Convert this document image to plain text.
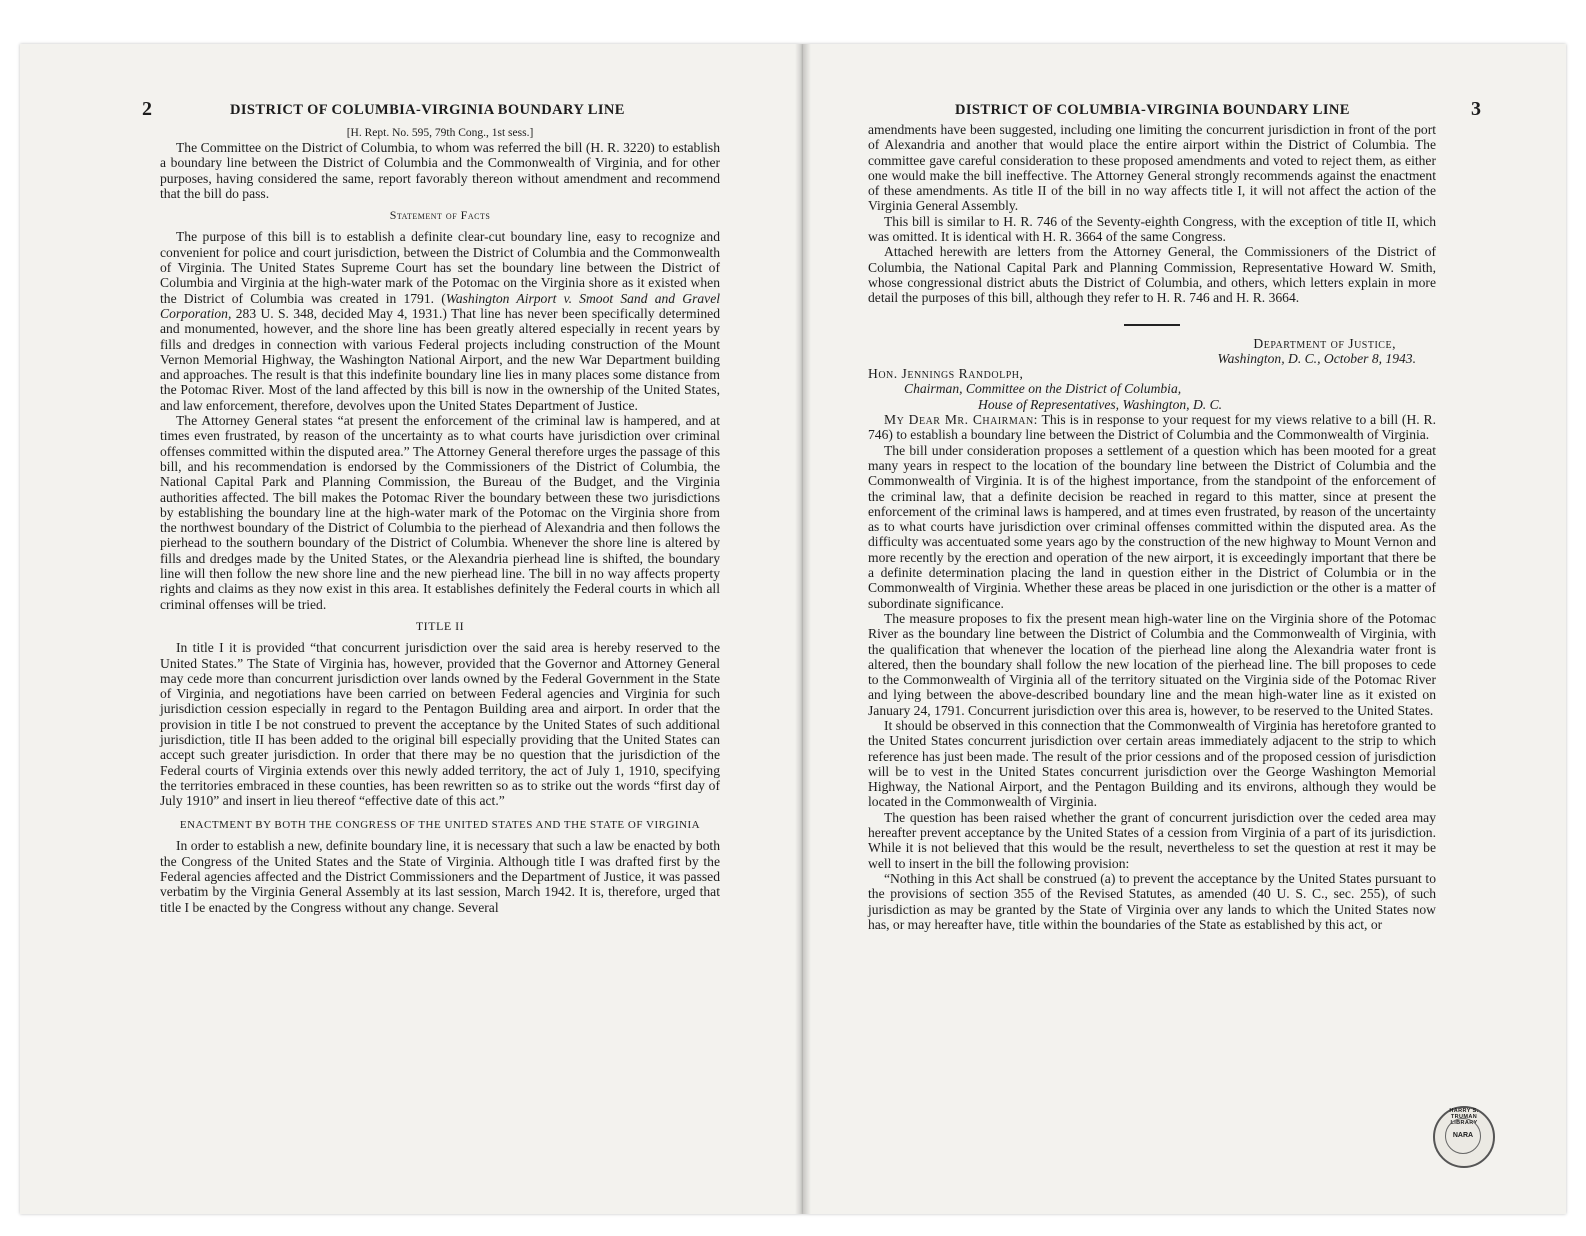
2	DISTRICT OF COLUMBIA-VIRGINIA BOUNDARY LINE

[H. Rept. No. 595, 79th Cong., 1st sess.]

The Committee on the District of Columbia, to whom was referred the bill (H. R. 3220) to establish a boundary line between the District of Columbia and the Commonwealth of Virginia, and for other purposes, having considered the same, report favorably thereon without amendment and recommend that the bill do pass.

Statement of Facts

The purpose of this bill is to establish a definite clear-cut boundary line, easy to recognize and convenient for police and court jurisdiction, between the District of Columbia and the Commonwealth of Virginia. The United States Supreme Court has set the boundary line between the District of Columbia and Virginia at the high-water mark of the Potomac on the Virginia shore as it existed when the District of Columbia was created in 1791. (Washington Airport v. Smoot Sand and Gravel Corporation, 283 U. S. 348, decided May 4, 1931.) That line has never been specifically determined and monumented, however, and the shore line has been greatly altered especially in recent years by fills and dredges in connection with various Federal projects including construction of the Mount Vernon Memorial Highway, the Washington National Airport, and the new War Department building and approaches. The result is that this indefinite boundary line lies in many places some distance from the Potomac River. Most of the land affected by this bill is now in the ownership of the United States, and law enforcement, therefore, devolves upon the United States Department of Justice.

The Attorney General states “at present the enforcement of the criminal law is hampered, and at times even frustrated, by reason of the uncertainty as to what courts have jurisdiction over criminal offenses committed within the disputed area.” The Attorney General therefore urges the passage of this bill, and his recommendation is endorsed by the Commissioners of the District of Columbia, the National Capital Park and Planning Commission, the Bureau of the Budget, and the Virginia authorities affected. The bill makes the Potomac River the boundary between these two jurisdictions by establishing the boundary line at the high-water mark of the Potomac on the Virginia shore from the northwest boundary of the District of Columbia to the pierhead of Alexandria and then follows the pierhead to the southern boundary of the District of Columbia. Whenever the shore line is altered by fills and dredges made by the United States, or the Alexandria pierhead line is shifted, the boundary line will then follow the new shore line and the new pierhead line. The bill in no way affects property rights and claims as they now exist in this area. It establishes definitely the Federal courts in which all criminal offenses will be tried.

TITLE II

In title I it is provided “that concurrent jurisdiction over the said area is hereby reserved to the United States.” The State of Virginia has, however, provided that the Governor and Attorney General may cede more than concurrent jurisdiction over lands owned by the Federal Government in the State of Virginia, and negotiations have been carried on between Federal agencies and Virginia for such jurisdiction cession especially in regard to the Pentagon Building area and airport. In order that the provision in title I be not construed to prevent the acceptance by the United States of such additional jurisdiction, title II has been added to the original bill especially providing that the United States can accept such greater jurisdiction. In order that there may be no question that the jurisdiction of the Federal courts of Virginia extends over this newly added territory, the act of July 1, 1910, specifying the territories embraced in these counties, has been rewritten so as to strike out the words “first day of July 1910” and insert in lieu thereof “effective date of this act.”

ENACTMENT BY BOTH THE CONGRESS OF THE UNITED STATES AND THE STATE OF VIRGINIA

In order to establish a new, definite boundary line, it is necessary that such a law be enacted by both the Congress of the United States and the State of Virginia. Although title I was drafted first by the Federal agencies affected and the District Commissioners and the Department of Justice, it was passed verbatim by the Virginia General Assembly at its last session, March 1942. It is, therefore, urged that title I be enacted by the Congress without any change. Several

DISTRICT OF COLUMBIA-VIRGINIA BOUNDARY LINE	3

amendments have been suggested, including one limiting the concurrent jurisdiction in front of the port of Alexandria and another that would place the entire airport within the District of Columbia. The committee gave careful consideration to these proposed amendments and voted to reject them, as either one would make the bill ineffective. The Attorney General strongly recommends against the enactment of these amendments. As title II of the bill in no way affects title I, it will not affect the action of the Virginia General Assembly.

This bill is similar to H. R. 746 of the Seventy-eighth Congress, with the exception of title II, which was omitted. It is identical with H. R. 3664 of the same Congress.

Attached herewith are letters from the Attorney General, the Commissioners of the District of Columbia, the National Capital Park and Planning Commission, Representative Howard W. Smith, whose congressional district abuts the District of Columbia, and others, which letters explain in more detail the purposes of this bill, although they refer to H. R. 746 and H. R. 3664.

Department of Justice,

Washington, D. C., October 8, 1943.

Hon. Jennings Randolph,

Chairman, Committee on the District of Columbia,

House of Representatives, Washington, D. C.

My Dear Mr. Chairman: This is in response to your request for my views relative to a bill (H. R. 746) to establish a boundary line between the District of Columbia and the Commonwealth of Virginia.

The bill under consideration proposes a settlement of a question which has been mooted for a great many years in respect to the location of the boundary line between the District of Columbia and the Commonwealth of Virginia. It is of the highest importance, from the standpoint of the enforcement of the criminal law, that a definite decision be reached in regard to this matter, since at present the enforcement of the criminal laws is hampered, and at times even frustrated, by reason of the uncertainty as to what courts have jurisdiction over criminal offenses committed within the disputed area. As the difficulty was accentuated some years ago by the construction of the new highway to Mount Vernon and more recently by the erection and operation of the new airport, it is exceedingly important that there be a definite determination placing the land in question either in the District of Columbia or in the Commonwealth of Virginia. Whether these areas be placed in one jurisdiction or the other is a matter of subordinate significance.

The measure proposes to fix the present mean high-water line on the Virginia shore of the Potomac River as the boundary line between the District of Columbia and the Commonwealth of Virginia, with the qualification that whenever the location of the pierhead line along the Alexandria water front is altered, then the boundary shall follow the new location of the pierhead line. The bill proposes to cede to the Commonwealth of Virginia all of the territory situated on the Virginia side of the Potomac River and lying between the above-described boundary line and the mean high-water line as it existed on January 24, 1791. Concurrent jurisdiction over this area is, however, to be reserved to the United States.

It should be observed in this connection that the Commonwealth of Virginia has heretofore granted to the United States concurrent jurisdiction over certain areas immediately adjacent to the strip to which reference has just been made. The result of the prior cessions and of the proposed cession of jurisdiction will be to vest in the United States concurrent jurisdiction over the George Washington Memorial Highway, the National Airport, and the Pentagon Building and its environs, although they would be located in the Commonwealth of Virginia.

The question has been raised whether the grant of concurrent jurisdiction over the ceded area may hereafter prevent acceptance by the United States of a cession from Virginia of a part of its jurisdiction. While it is not believed that this would be the result, nevertheless to set the question at rest it may be well to insert in the bill the following provision:

“Nothing in this Act shall be construed (a) to prevent the acceptance by the United States pursuant to the provisions of section 355 of the Revised Statutes, as amended (40 U. S. C., sec. 255), of such jurisdiction as may be granted by the State of Virginia over any lands to which the United States now has, or may hereafter have, title within the boundaries of the State as established by this act, or

HARRY S. TRUMAN LIBRARY
NARA
